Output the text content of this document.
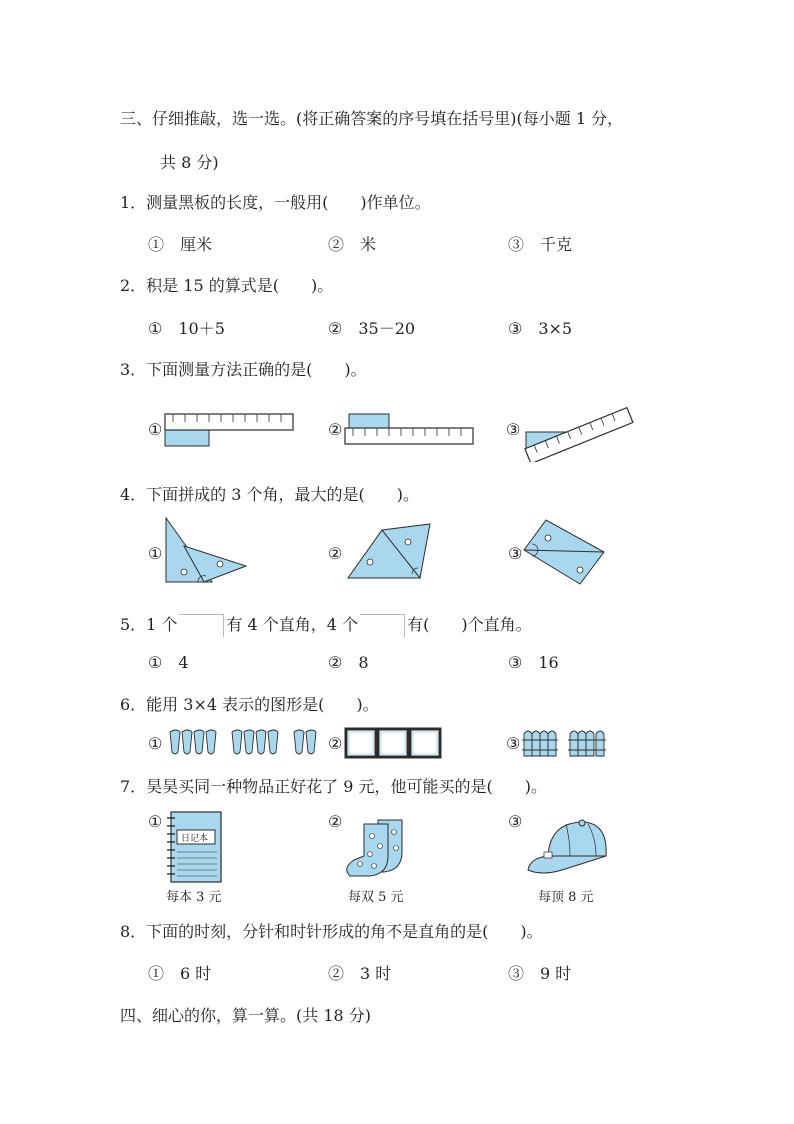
三、仔细推敲，选一选。(将正确答案的序号填在括号里)(每小题 1 分，
共 8 分)
1．测量黑板的长度，一般用(　　)作单位。
①　厘米	②　米	③　千克
2．积是 15 的算式是(　　)。
①　10＋5	②　35－20	③　3×5
3．下面测量方法正确的是(　　)。
①	②	③
4．下面拼成的 3 个角，最大的是(　　)。
①	②	③
5．1 个	有 4 个直角，4 个	有(　　)个直角。
①　4	②　8	③　16
6．能用 3×4 表示的图形是(　　)。
①	②	③
7．昊昊买同一种物品正好花了 9 元，他可能买的是(　　)。
①	②	③
日记本
每本 3 元	每双 5 元	每顶 8 元
8．下面的时刻，分针和时针形成的角不是直角的是(　　)。
①　6 时	②　3 时	③　9 时
四、细心的你，算一算。(共 18 分)
